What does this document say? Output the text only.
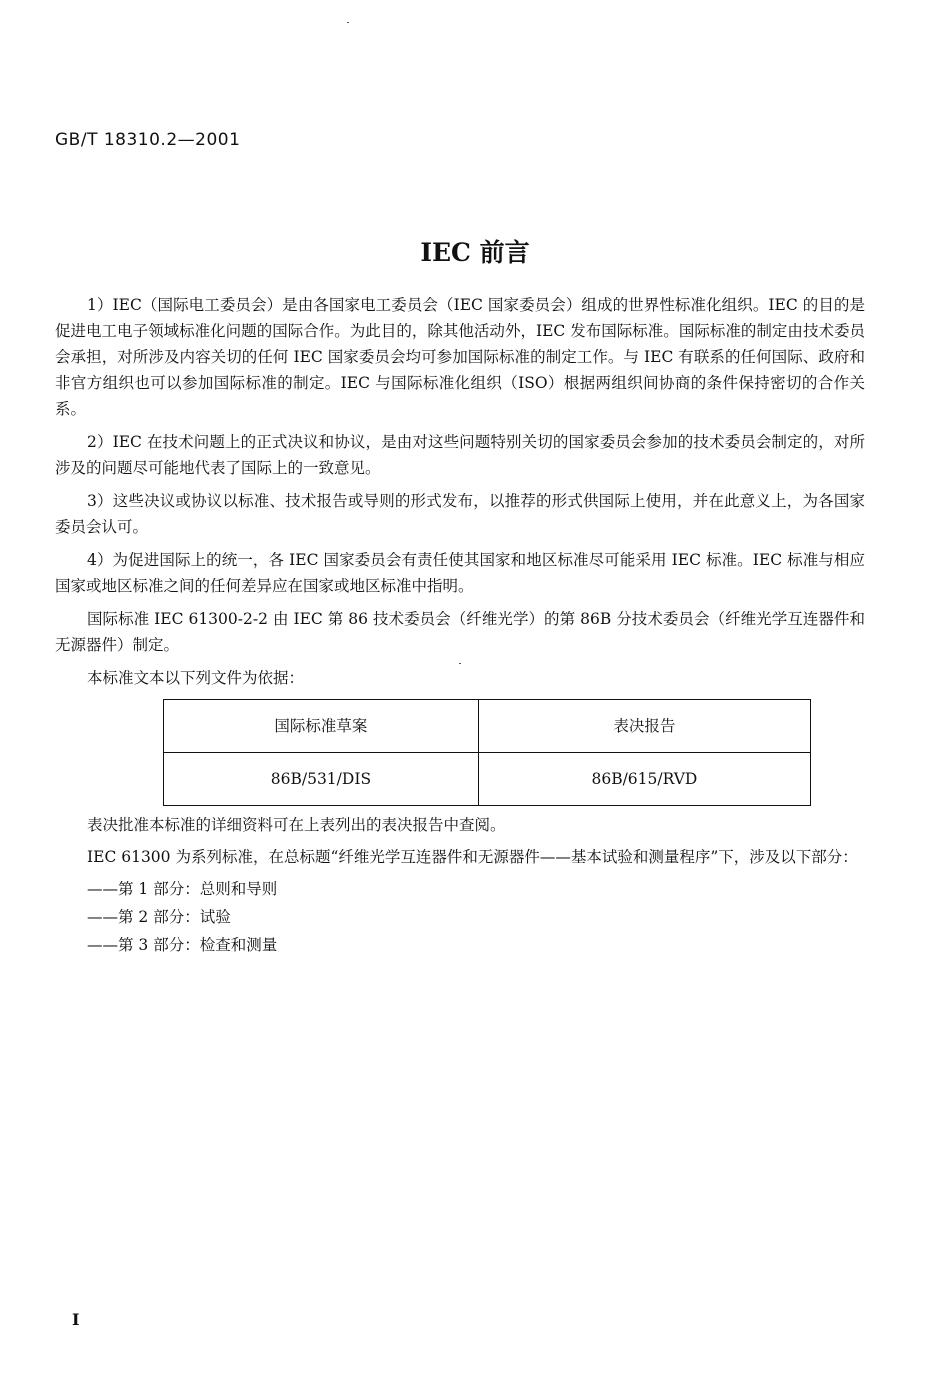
GB/T 18310.2—2001
IEC 前言

1）IEC（国际电工委员会）是由各国家电工委员会（IEC 国家委员会）组成的世界性标准化组织。IEC 的目的是促进电工电子领域标准化问题的国际合作。为此目的，除其他活动外，IEC 发布国际标准。国际标准的制定由技术委员会承担，对所涉及内容关切的任何 IEC 国家委员会均可参加国际标准的制定工作。与 IEC 有联系的任何国际、政府和非官方组织也可以参加国际标准的制定。IEC 与国际标准化组织（ISO）根据两组织间协商的条件保持密切的合作关系。

2）IEC 在技术问题上的正式决议和协议，是由对这些问题特别关切的国家委员会参加的技术委员会制定的，对所涉及的问题尽可能地代表了国际上的一致意见。

3）这些决议或协议以标准、技术报告或导则的形式发布，以推荐的形式供国际上使用，并在此意义上，为各国家委员会认可。

4）为促进国际上的统一，各 IEC 国家委员会有责任使其国家和地区标准尽可能采用 IEC 标准。IEC 标准与相应国家或地区标准之间的任何差异应在国家或地区标准中指明。

国际标准 IEC 61300-2-2 由 IEC 第 86 技术委员会（纤维光学）的第 86B 分技术委员会（纤维光学互连器件和无源器件）制定。

本标准文本以下列文件为依据：

国际标准草案	表决报告
86B/531/DIS	86B/615/RVD

表决批准本标准的详细资料可在上表列出的表决报告中查阅。

IEC 61300 为系列标准，在总标题“纤维光学互连器件和无源器件——基本试验和测量程序”下，涉及以下部分：

——第 1 部分：总则和导则
——第 2 部分：试验
——第 3 部分：检查和测量
I
